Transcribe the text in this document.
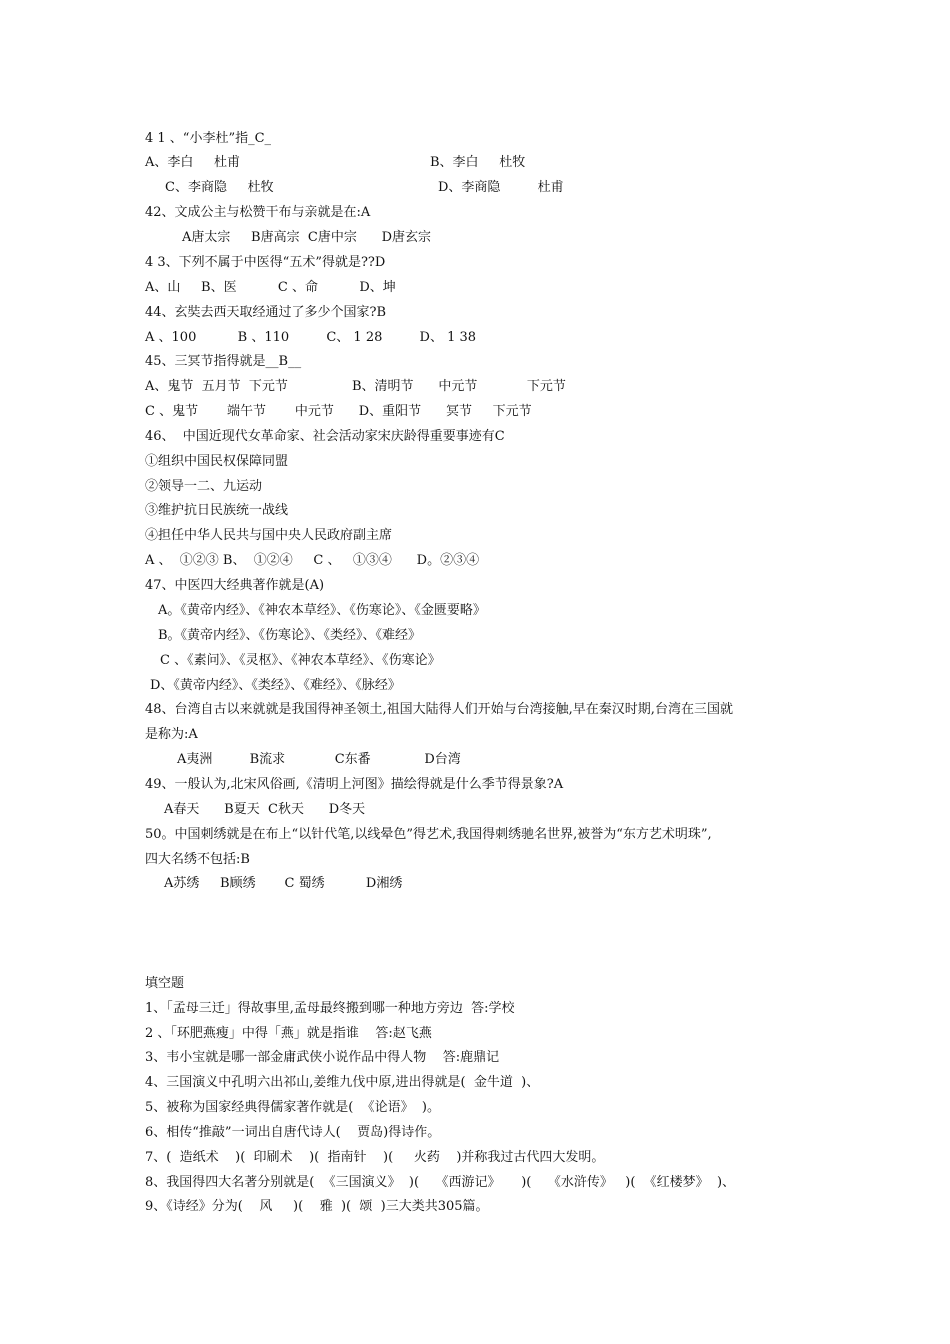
4 1 、“小李杜”指_C_
A、李白     杜甫	B、李白     杜牧
C、李商隐     杜牧	D、李商隐         杜甫
42、文成公主与松赞干布与亲就是在:A
A唐太宗     B唐高宗  C唐中宗      D唐玄宗
4 3、下列不属于中医得“五术”得就是??D
A、山     B、医          C 、命          D、坤
44、玄奘去西天取经通过了多少个国家?B
A 、100          B 、110         C、 1 28         D、 1 38
45、三冥节指得就是__B__
A、鬼节  五月节  下元节	B、清明节      中元节            下元节
C 、鬼节       端午节       中元节      D、重阳节      冥节     下元节
46、  中国近现代女革命家、社会活动家宋庆龄得重要事迹有C
①组织中国民权保障同盟
②领导一二、九运动
③维护抗日民族统一战线
④担任中华人民共与国中央人民政府副主席
A 、  ①②③ B、  ①②④     C 、   ①③④      D。②③④
47、中医四大经典著作就是(A)
A。《黄帝内经》、《神农本草经》、《伤寒论》、《金匮要略》
B。《黄帝内经》、《伤寒论》、《类经》、《难经》
C 、《素问》、《灵枢》、《神农本草经》、《伤寒论》
D、《黄帝内经》、《类经》、《难经》、《脉经》
48、台湾自古以来就就是我国得神圣领土,祖国大陆得人们开始与台湾接触,早在秦汉时期,台湾在三国就
是称为:A
A夷洲         B流求            C东番             D台湾
49、一般认为,北宋风俗画,《清明上河图》描绘得就是什么季节得景象?A
A春天      B夏天  C秋天      D冬天
50。中国刺绣就是在布上“以针代笔,以线晕色”得艺术,我国得刺绣驰名世界,被誉为“东方艺术明珠”,
四大名绣不包括:B
A苏绣     B顾绣       C 蜀绣          D湘绣
填空题
1、「孟母三迁」得故事里,孟母最终搬到哪一种地方旁边  答:学校
2 、「环肥燕瘦」中得「燕」就是指谁    答:赵飞燕
3、韦小宝就是哪一部金庸武侠小说作品中得人物    答:鹿鼎记
4、三国演义中孔明六出祁山,姜维九伐中原,进出得就是(  金牛道  )、
5、被称为国家经典得儒家著作就是(  《论语》  )。
6、相传“推敲”一词出自唐代诗人(    贾岛)得诗作。
7、(  造纸术    )(  印刷术    )(  指南针    )(     火药    )并称我过古代四大发明。
8、我国得四大名著分别就是(  《三国演义》  )(    《西游记》     )(    《水浒传》   )(  《红楼梦》  )、
9、《诗经》分为(    风     )(    雅  )(  颂  )三大类共305篇。
